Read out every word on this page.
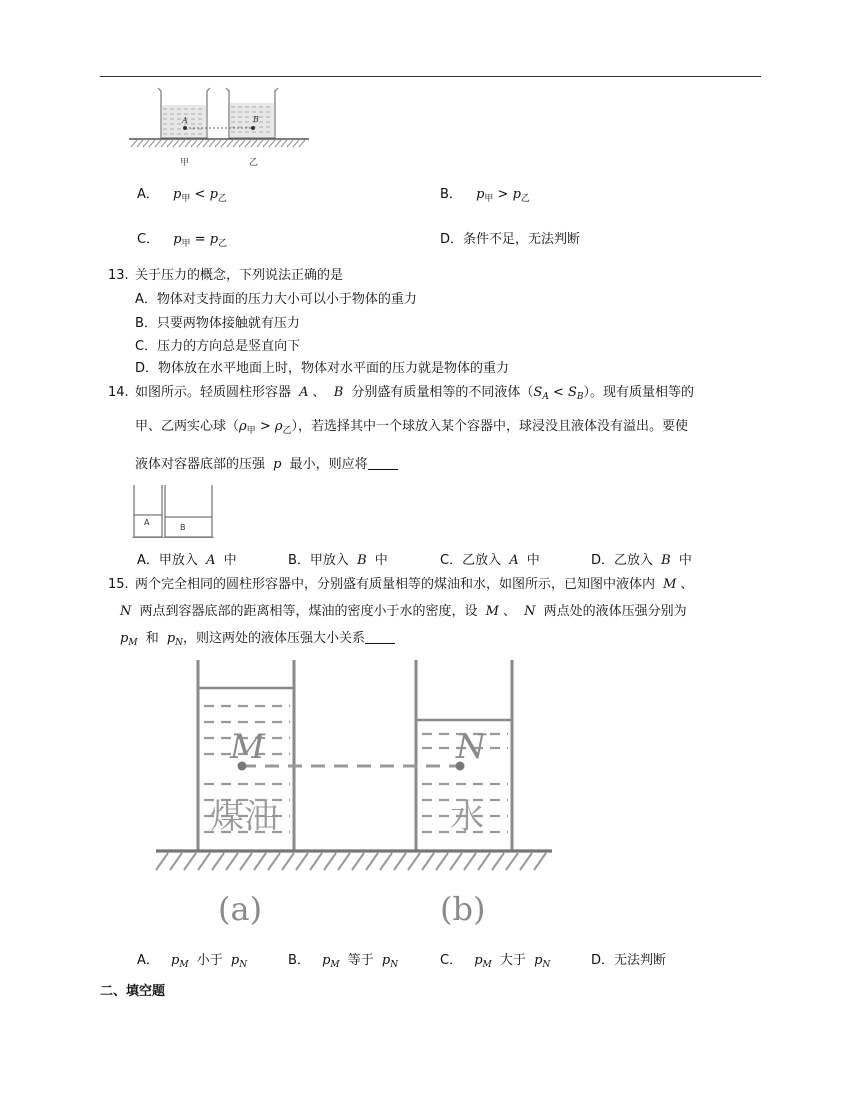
A	B
甲	乙
A． $p_甲 < p_乙$	B． $p_甲 > p_乙$
C． $p_甲 = p_乙$	D．条件不足，无法判断
13. 关于压力的概念，下列说法正确的是
A．物体对支持面的压力大小可以小于物体的重力
B．只要两物体接触就有压力
C．压力的方向总是竖直向下
D．物体放在水平地面上时，物体对水平面的压力就是物体的重力
14. 如图所示。轻质圆柱形容器 A 、 B 分别盛有质量相等的不同液体$(S_A < S_B)$。现有质量相等的
甲、乙两实心球$(\rho_甲 > \rho_乙)$，若选择其中一个球放入某个容器中，球浸没且液体没有溢出。要使
液体对容器底部的压强 p 最小，则应将
A
B
A．甲放入 A 中	B．甲放入 B 中	C．乙放入 A 中	D．乙放入 B 中
15. 两个完全相同的圆柱形容器中，分别盛有质量相等的煤油和水，如图所示，已知图中液体内 M 、
N 两点到容器底部的距离相等，煤油的密度小于水的密度，设 M 、 N 两点处的液体压强分别为
$p_M$ 和 $p_N$，则这两处的液体压强大小关系
M	N
煤油	水
(a)	(b)
A． $p_M$ 小于 $p_N$	B． $p_M$ 等于 $p_N$	C． $p_M$ 大于 $p_N$	D．无法判断
二、填空题
